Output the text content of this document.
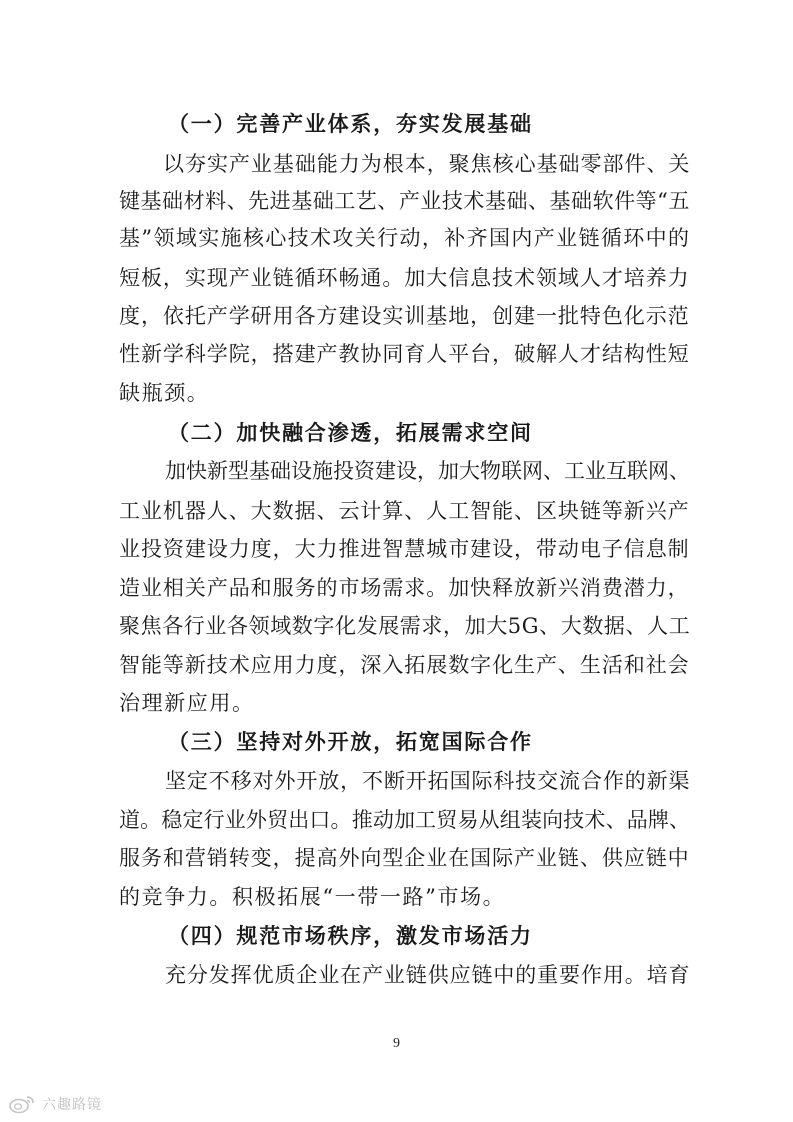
（一）完善产业体系，夯实发展基础
以夯实产业基础能力为根本，聚焦核心基础零部件、关
键基础材料、先进基础工艺、产业技术基础、基础软件等“五
基”领域实施核心技术攻关行动，补齐国内产业链循环中的
短板，实现产业链循环畅通。加大信息技术领域人才培养力
度，依托产学研用各方建设实训基地，创建一批特色化示范
性新学科学院，搭建产教协同育人平台，破解人才结构性短
缺瓶颈。
（二）加快融合渗透，拓展需求空间
加快新型基础设施投资建设，加大物联网、工业互联网、
工业机器人、大数据、云计算、人工智能、区块链等新兴产
业投资建设力度，大力推进智慧城市建设，带动电子信息制
造业相关产品和服务的市场需求。加快释放新兴消费潜力，
聚焦各行业各领域数字化发展需求，加大5G、大数据、人工
智能等新技术应用力度，深入拓展数字化生产、生活和社会
治理新应用。
（三）坚持对外开放，拓宽国际合作
坚定不移对外开放，不断开拓国际科技交流合作的新渠
道。稳定行业外贸出口。推动加工贸易从组装向技术、品牌、
服务和营销转变，提高外向型企业在国际产业链、供应链中
的竞争力。积极拓展“一带一路”市场。
（四）规范市场秩序，激发市场活力
充分发挥优质企业在产业链供应链中的重要作用。培育
9
六趣路镜
